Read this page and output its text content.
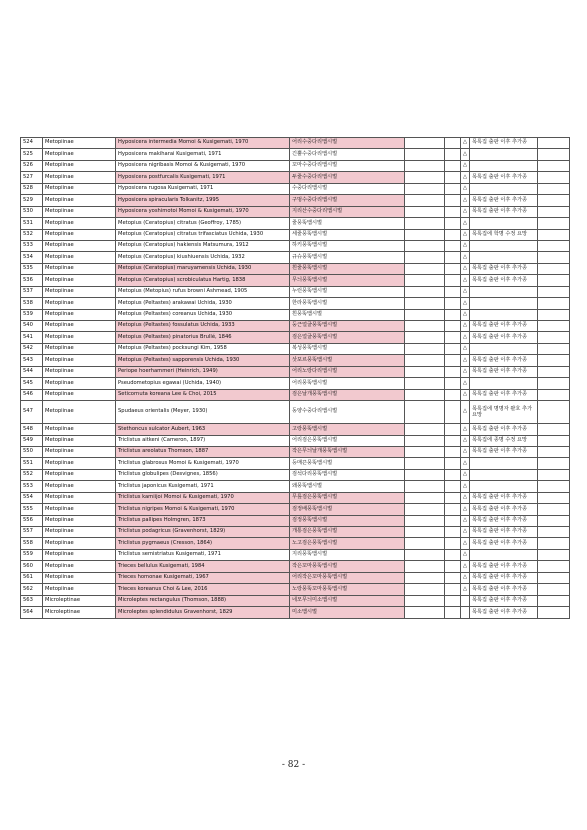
524	Metopiinae	Hyposicera intermedia Momoi & Kusigemati, 1970	어리수중다리맵시벌			△	목록집 출판 이후 추가종	
525	Metopiinae	Hyposicera makiharai Kusigemati, 1971	긴뿔수중다리맵시벌			△		
526	Metopiinae	Hyposicera nigribasis Momoi & Kusigemati, 1970	꼬마수중다리맵시벌			△		
527	Metopiinae	Hyposicera postfurcalis Kusigemati, 1971	두줄수중다리맵시벌			△	목록집 출판 이후 추가종	
528	Metopiinae	Hyposicera rugosa Kusigemati, 1971	수중다리맵시벌			△		
529	Metopiinae	Hyposicera spiracularis Tolkanitz, 1995	구멍수중다리맵시벌			△	목록집 출판 이후 추가종	
530	Metopiinae	Hyposicera yoshimotoi Momoi & Kusigemati, 1970	지리산수중다리맵시벌			△	목록집 출판 이후 추가종	
531	Metopiinae	Metopius (Ceratopius) citratus (Geoffroy, 1785)	줄뭉뚝맵시벌			△		
532	Metopiinae	Metopius (Ceratopius) citratus trifasciatus Uchida, 1930	세줄뭉뚝맵시벌			△	목록집에 학명 수정 요망	
533	Metopiinae	Metopius (Ceratopius) hakiensis Matsumura, 1912	하키뭉뚝맵시벌			△		
534	Metopiinae	Metopius (Ceratopius) kiushiuensis Uchida, 1932	규슈뭉뚝맵시벌			△		
535	Metopiinae	Metopius (Ceratopius) maruyamensis Uchida, 1930	흰줄뭉뚝맵시벌			△	목록집 출판 이후 추가종	
536	Metopiinae	Metopius (Ceratopius) scrobiculatus Hartig, 1838	무늬뭉뚝맵시벌			△	목록집 출판 이후 추가종	
537	Metopiinae	Metopius (Metopius) rufus browni Ashmead, 1905	누런뭉뚝맵시벌			△		
538	Metopiinae	Metopius (Peltastes) arakawai Uchida, 1930	한라뭉뚝맵시벌			△		
539	Metopiinae	Metopius (Peltastes) coreanus Uchida, 1930	흰뭉뚝맵시벌			△		
540	Metopiinae	Metopius (Peltastes) fossulatus Uchida, 1933	둥근얼굴뭉뚝맵시벌			△	목록집 출판 이후 추가종	
541	Metopiinae	Metopius (Peltastes) pinatorius Brullé, 1846	검은얼굴뭉뚝맵시벌			△	목록집 출판 이후 추가종	
542	Metopiinae	Metopius (Peltastes) pocksungi Kim, 1958	복성뭉뚝맵시벌			△		
543	Metopiinae	Metopius (Peltastes) sapporensis Uchida, 1930	삿포르뭉뚝맵시벌			△	목록집 출판 이후 추가종	
544	Metopiinae	Periope hoerhammeri (Heinrich, 1949)	어리노랑다리맵시벌			△	목록집 출판 이후 추가종	
545	Metopiinae	Pseudometopius egawai (Uchida, 1940)	어리뭉뚝맵시벌			△		
546	Metopiinae	Seticornuta koreana Lee & Choi, 2015	검은날개뭉뚝맵시벌			△	목록집 출판 이후 추가종	
547	Metopiinae	Spudaeus orientalis (Meyer, 1930)	동양수중다리맵시벌			△	목록집에 명명자 괄호 추가 요망	
548	Metopiinae	Stethoncus sulcator Aubert, 1963	고랑뭉뚝맵시벌			△	목록집 출판 이후 추가종	
549	Metopiinae	Triclistus aitkeni (Cameron, 1897)	어리검은뭉뚝맵시벌			△	목록집에 종명 수정 요망	
550	Metopiinae	Triclistus areolatus Thomson, 1887	작은무늬날개뭉뚝맵시벌			△	목록집 출판 이후 추가종	
551	Metopiinae	Triclistus glabrosus Momoi & Kusigemati, 1970	등매끈뭉뚝맵시벌			△		
552	Metopiinae	Triclistus globulipes (Desvignes, 1856)	검석다리뭉뚝맵시벌			△		
553	Metopiinae	Triclistus japonicus Kusigemati, 1971	왜뭉뚝맵시벌			△		
554	Metopiinae	Triclistus kamiijoi Momoi & Kusigemati, 1970	무릎검은뭉뚝맵시벌			△	목록집 출판 이후 추가종	
555	Metopiinae	Triclistus nigripes Momoi & Kusigemati, 1970	검정배뭉뚝맵시벌			△	목록집 출판 이후 추가종	
556	Metopiinae	Triclistus pallipes Holmgren, 1873	검정뭉뚝맵시벌			△	목록집 출판 이후 추가종	
557	Metopiinae	Triclistus podagricus (Gravenhorst, 1829)	개통검은뭉뚝맵시벌			△	목록집 출판 이후 추가종	
558	Metopiinae	Triclistus pygmaeus (Cresson, 1864)	노고검은뭉뚝맵시벌			△	목록집 출판 이후 추가종	
559	Metopiinae	Triclistus semistriatus Kusigemati, 1971	지리뭉뚝맵시벌			△		
560	Metopiinae	Trieces bellulus Kusigemati, 1984	작은꼬마뭉뚝맵시벌			△	목록집 출판 이후 추가종	
561	Metopiinae	Trieces homonae Kusigemati, 1967	어리작은꼬마뭉뚝맵시벌			△	목록집 출판 이후 추가종	
562	Metopiinae	Trieces koreanus Choi & Lee, 2016	노랑뭉뚝꼬마뭉뚝맵시벌			△	목록집 출판 이후 추가종	
563	Microleptinae	Microleptes rectangulus (Thomson, 1888)	네모무늬미소맵시벌				목록집 출판 이후 추가종	
564	Microleptinae	Microleptes splendidulus Gravenhorst, 1829	미소맵시벌				목록집 출판 이후 추가종	
- 82 -
